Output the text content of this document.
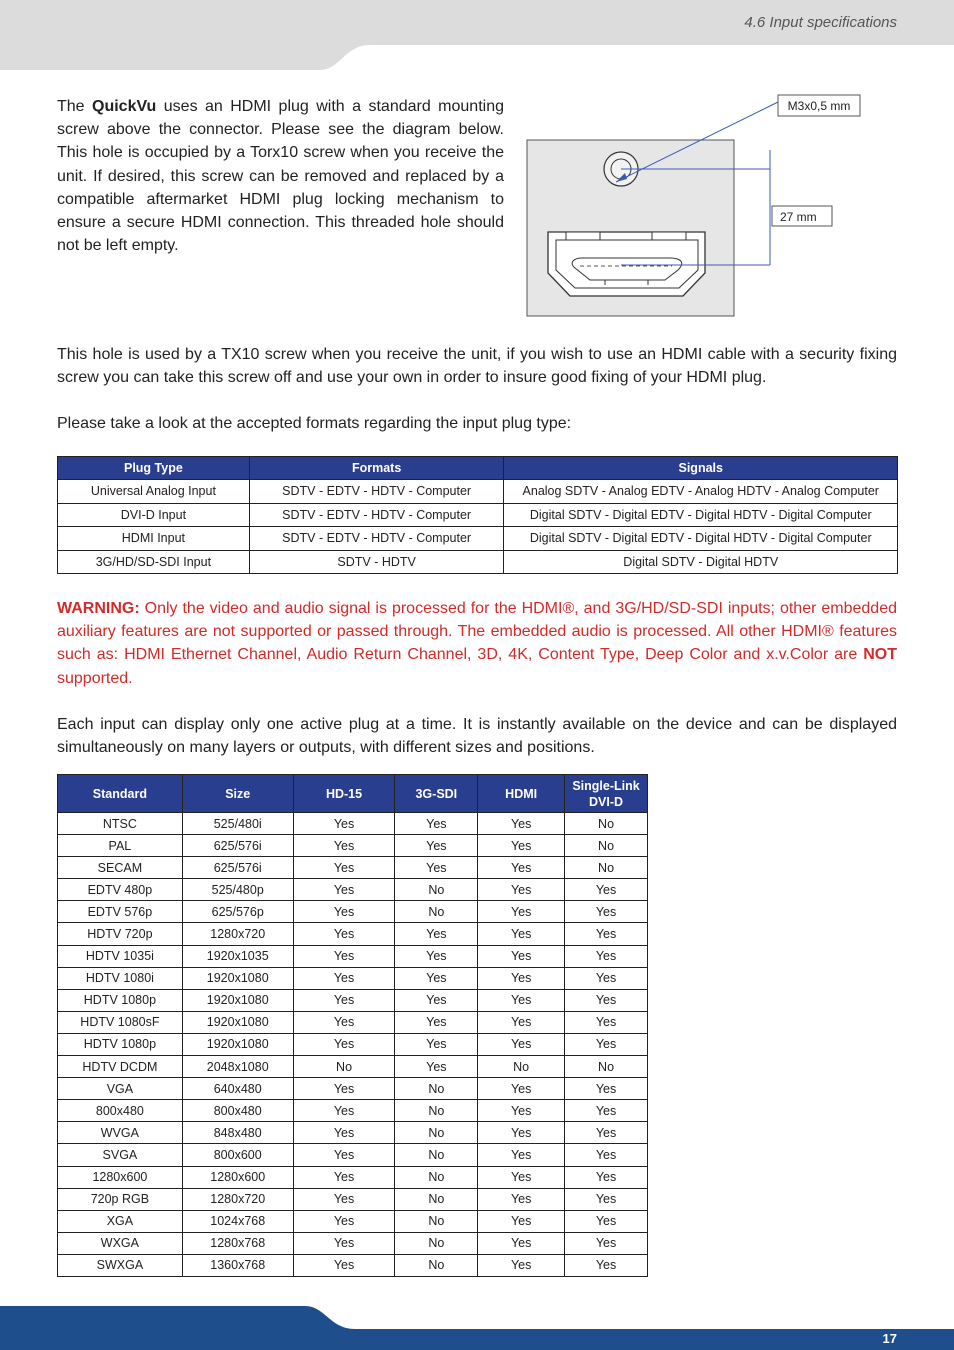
4.6 Input specifications
The QuickVu uses an HDMI plug with a standard mounting screw above the connector. Please see the diagram below. This hole is occupied by a Torx10 screw when you receive the unit. If desired, this screw can be removed and replaced by a compatible aftermarket HDMI plug locking mechanism to ensure a secure HDMI connection. This threaded hole should not be left empty.
M3x0,5 mm
27 mm
This hole is used by a TX10 screw when you receive the unit, if you wish to use an HDMI cable with a security fixing screw you can take this screw off and use your own in order to insure good fixing of your HDMI plug.
Please take a look at the accepted formats regarding the input plug type:
Plug Type	Formats	Signals
Universal Analog Input	SDTV - EDTV - HDTV - Computer	Analog SDTV - Analog EDTV - Analog HDTV - Analog Computer
DVI-D Input	SDTV - EDTV - HDTV - Computer	Digital SDTV - Digital EDTV - Digital HDTV - Digital Computer
HDMI Input	SDTV - EDTV - HDTV - Computer	Digital SDTV - Digital EDTV - Digital HDTV - Digital Computer
3G/HD/SD-SDI Input	SDTV - HDTV	Digital SDTV - Digital HDTV
WARNING: Only the video and audio signal is processed for the HDMI®, and 3G/HD/SD-SDI inputs; other embedded auxiliary features are not supported or passed through. The embedded audio is processed. All other HDMI® features such as: HDMI Ethernet Channel, Audio Return Channel, 3D, 4K, Content Type, Deep Color and x.v.Color are NOT supported.
Each input can display only one active plug at a time. It is instantly available on the device and can be displayed simultaneously on many layers or outputs, with different sizes and positions.
Standard	Size	HD-15	3G-SDI	HDMI	Single-Link
DVI-D
NTSC	525/480i	Yes	Yes	Yes	No
PAL	625/576i	Yes	Yes	Yes	No
SECAM	625/576i	Yes	Yes	Yes	No
EDTV 480p	525/480p	Yes	No	Yes	Yes
EDTV 576p	625/576p	Yes	No	Yes	Yes
HDTV 720p	1280x720	Yes	Yes	Yes	Yes
HDTV 1035i	1920x1035	Yes	Yes	Yes	Yes
HDTV 1080i	1920x1080	Yes	Yes	Yes	Yes
HDTV 1080p	1920x1080	Yes	Yes	Yes	Yes
HDTV 1080sF	1920x1080	Yes	Yes	Yes	Yes
HDTV 1080p	1920x1080	Yes	Yes	Yes	Yes
HDTV DCDM	2048x1080	No	Yes	No	No
VGA	640x480	Yes	No	Yes	Yes
800x480	800x480	Yes	No	Yes	Yes
WVGA	848x480	Yes	No	Yes	Yes
SVGA	800x600	Yes	No	Yes	Yes
1280x600	1280x600	Yes	No	Yes	Yes
720p RGB	1280x720	Yes	No	Yes	Yes
XGA	1024x768	Yes	No	Yes	Yes
WXGA	1280x768	Yes	No	Yes	Yes
SWXGA	1360x768	Yes	No	Yes	Yes
17
